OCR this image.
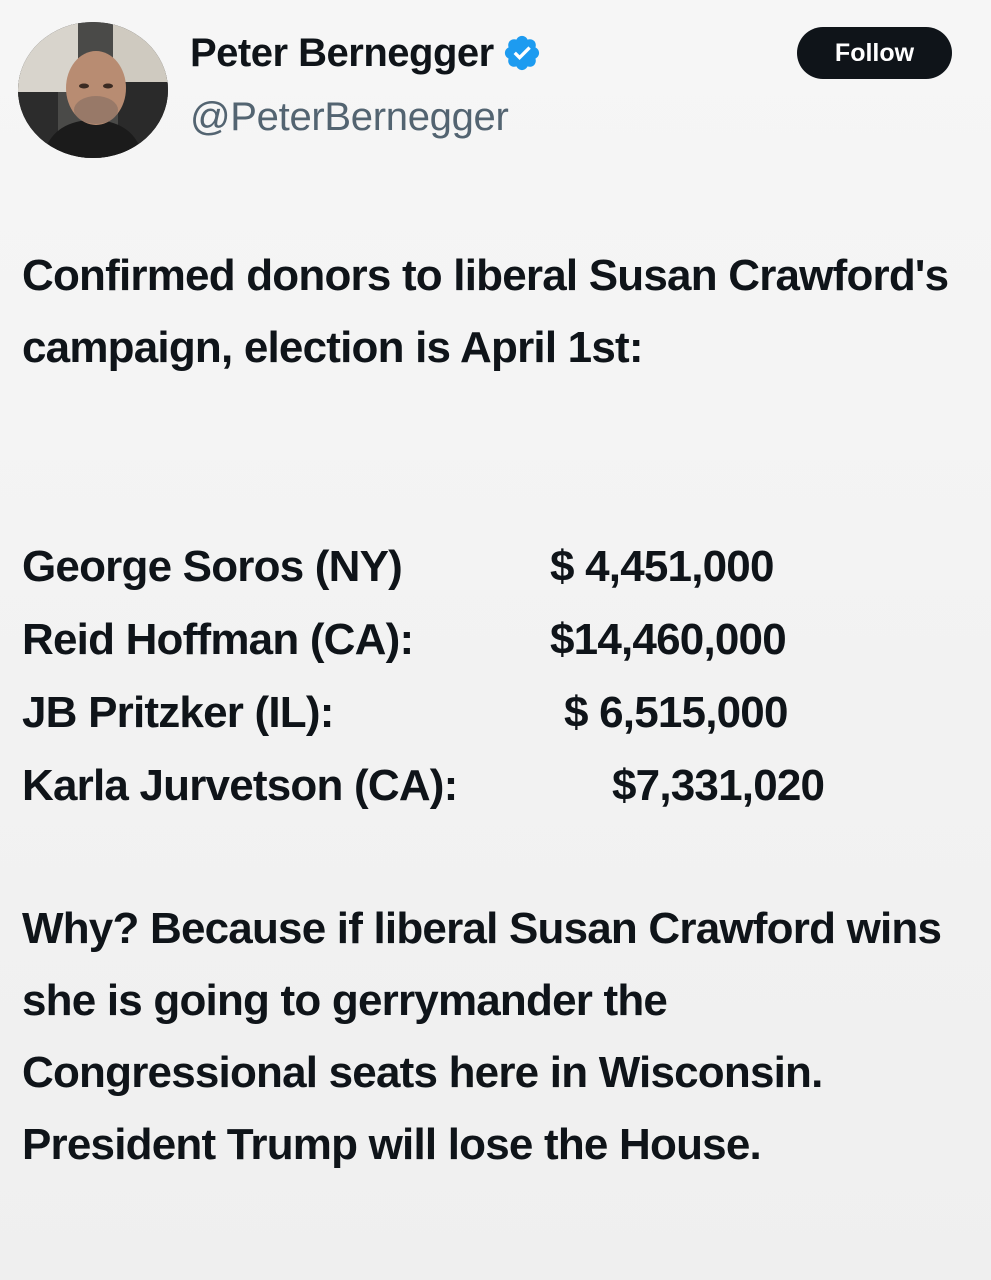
Peter Bernegger
@PeterBernegger
Follow
Confirmed donors to liberal Susan Crawford's campaign, election is April 1st:
George Soros (NY)	$ 4,451,000
Reid Hoffman (CA):	$14,460,000
JB Pritzker (IL):	$ 6,515,000
Karla Jurvetson (CA):	$7,331,020
Why? Because if liberal Susan Crawford wins she is going to gerrymander the Congressional seats here in Wisconsin. President Trump will lose the House.
